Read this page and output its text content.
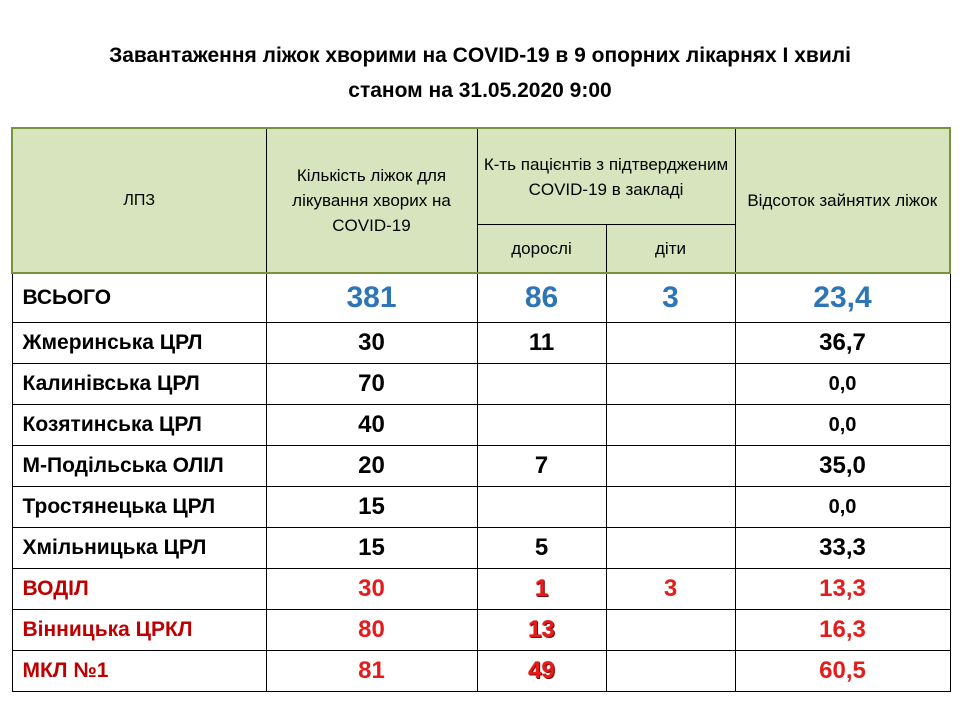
Завантаження ліжок хворими на COVID-19 в 9 опорних лікарнях І хвилі
станом на 31.05.2020 9:00
ЛПЗ	Кількість ліжок для лікування хворих на COVID-19	К-ть пацієнтів з підтвердженим COVID-19 в закладі		Відсоток зайнятих ліжок
		дорослі	діти	
ВСЬОГО	381	86	3	23,4
Жмеринська ЦРЛ	30	11		36,7
Калинівська ЦРЛ	70			0,0
Козятинська ЦРЛ	40			0,0
М-Подільська ОЛІЛ	20	7		35,0
Тростянецька ЦРЛ	15			0,0
Хмільницька ЦРЛ	15	5		33,3
ВОДІЛ	30	1	3	13,3
Вінницька ЦРКЛ	80	13		16,3
МКЛ №1	81	49		60,5
